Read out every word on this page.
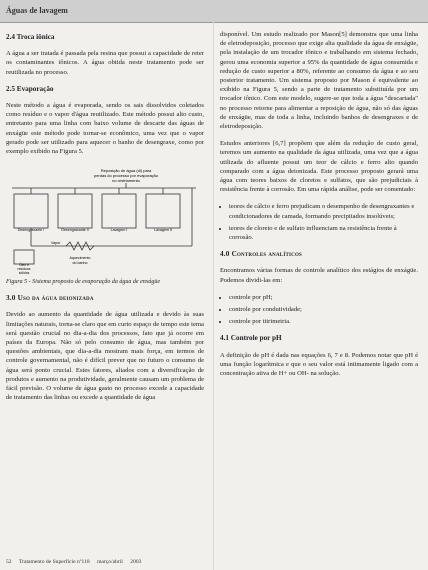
Águas de lavagem
2.4 Troca iônica

A água a ser tratada é passada pela resina que possui a capacidade de reter os contaminantes iônicos. A água obtida neste tratamento pode ser reutilizada no processo.

2.5 Evaporação

Neste método a água é evaporada, sendo os sais dissolvidos coletados como resíduo e o vapor d'água reutilizado. Este método possui alto custo, entretanto para uma linha com baixo volume de descarte das águas de enxágüe este método pode tornar-se econômico, uma vez que o vapor gerado pode ser utilizado para aquecer o banho de desengraxe, como por exemplo exibido na Figura 5.

Reposição de água (di) para
perdas do processo por evaporação
no resfriamento
Desengraxante I	Desengraxante II	Lavagem I	Lavagem II
Vapor
Óleo e
resíduos
sólidos
Aquecimento
do banho
Figura 5 - Sistema proposto de evaporação da água de enxágüe
3.0 Uso da água deionizada

Devido ao aumento da quantidade de água utilizada e devido às suas limitações naturais, torna-se claro que em curto espaço de tempo este tema será questão crucial no dia-a-dia dos processos, fato que já ocorre em países da Europa. Não só pelo consumo de água, mas também por questões ambientais, que dia-a-dia mostram mais força, em termos de controle governamental, não é difícil prever que no futuro o consumo de água será ponto crucial. Estes fatores, aliados com a diversificação de produtos e aumento na produtividade, geralmente causam um problema de fácil previsão. O volume de água gasto no processo excede a capacidade de tratamento das linhas ou excede a quantidade de água

disponível. Um estudo realizado por Mason[5] demonstra que uma linha de eletrodeposição, processo que exige alta qualidade da água de enxágüe, pela instalação de um trocador iônico e trabalhando em sistema fechado, gerou uma economia superior a 95% da quantidade de água consumida e redução de custo superior a 80%, referente ao consumo da água e ao seu posterior tratamento. Um sistema proposto por Mason é equivalente ao exibido na Figura 5, sendo a parte de tratamento substituída por um trocador iônico. Com este modelo, sugere-se que toda a água "descartada" no processo retorne para alimentar a reposição de água, não só das águas de enxágüe, mas de toda a linha, incluindo banhos de desengraxes e de eletrodeposição.

Estudos anteriores [6,7] propõem que além da redução de custo geral, teremos um aumento na qualidade da água utilizada, uma vez que a água utilizada do afluente possui um teor de cálcio e ferro alto quando comparado com a água deionizada. Este processo proposto gerará uma água com teores baixos de cloretos e sulfatos, que são prejudiciais à resistência frente à corrosão. Em uma rápida análise, pode ser comentado:

• teores de cálcio e ferro prejudicam o desempenho de desengraxantes e condicionadores de camada, formando precipitados insolúveis;
• teores de cloreto e de sulfato influenciam na resistência frente à corrosão.
4.0 Controles analíticos

Encontramos várias formas de controle analítico dos estágios de enxágüe. Podemos dividi-las em:

• controle por pH;
• controle por condutividade;
• controle por titrimetria.
4.1 Controle por pH

A definição de pH é dada nas equações 6, 7 e 8. Podemos notar que pH é uma função logarítmica e que o seu valor está intimamente ligado com a concentração ativa de H+ ou OH- na solução.

52 Tratamento de Superfície nº118 março/abril 2003
